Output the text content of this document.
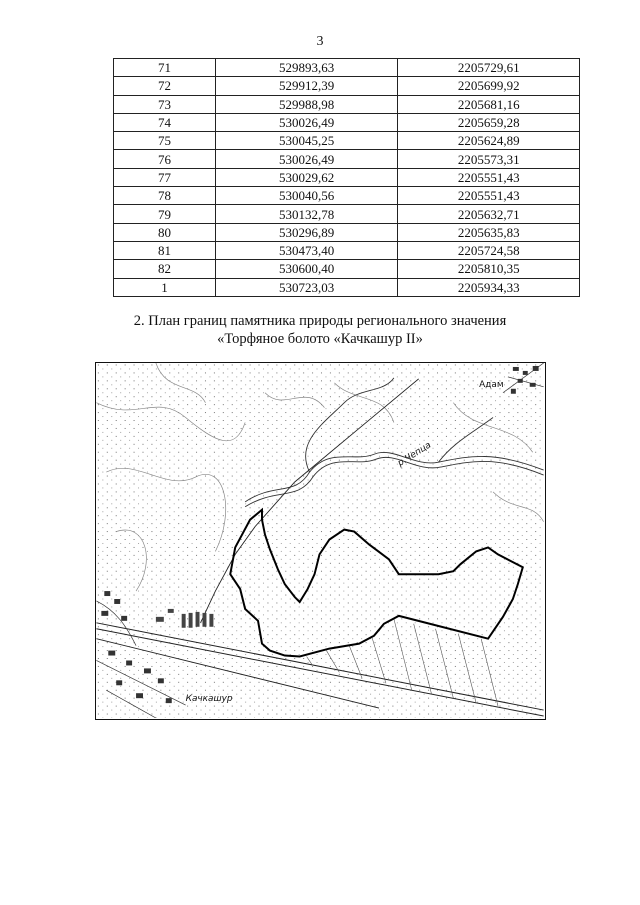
3
71	529893,63	2205729,61
72	529912,39	2205699,92
73	529988,98	2205681,16
74	530026,49	2205659,28
75	530045,25	2205624,89
76	530026,49	2205573,31
77	530029,62	2205551,43
78	530040,56	2205551,43
79	530132,78	2205632,71
80	530296,89	2205635,83
81	530473,40	2205724,58
82	530600,40	2205810,35
1	530723,03	2205934,33
2. План границ памятника природы регионального значения
«Торфяное болото «Качкашур II»
Адам
р.Чепца
Качкашур
